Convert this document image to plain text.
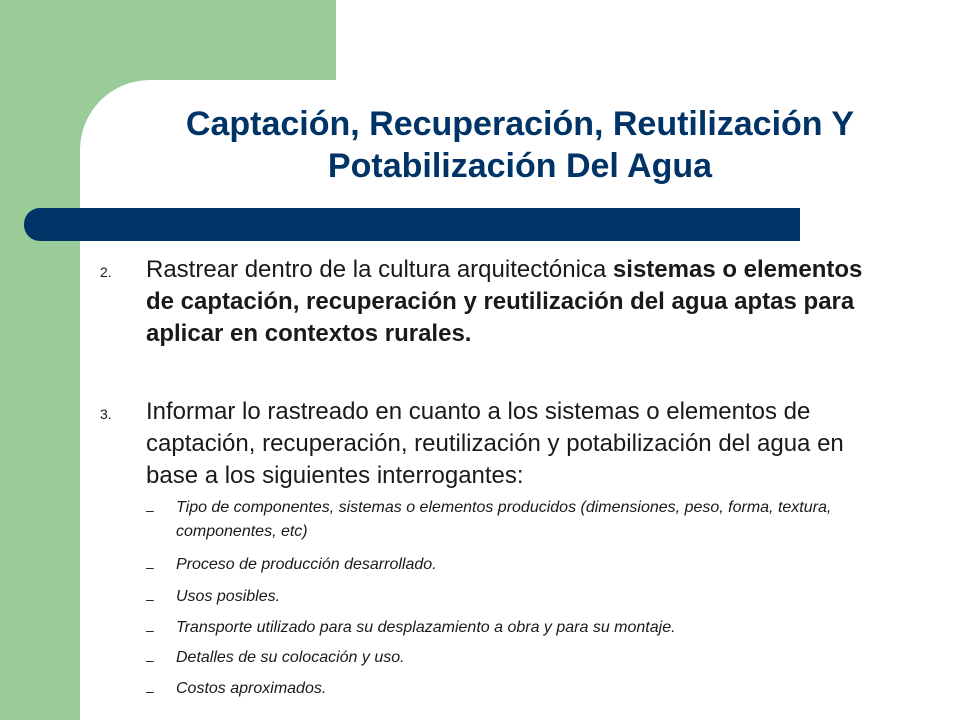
Captación, Recuperación, Reutilización Y Potabilización Del Agua
2. Rastrear dentro de la cultura arquitectónica sistemas o elementos de captación, recuperación y reutilización del agua aptas para aplicar en contextos rurales.
3. Informar lo rastreado en cuanto a los sistemas o elementos de captación, recuperación, reutilización y potabilización del agua en base a los siguientes interrogantes:
– Tipo de componentes, sistemas o elementos producidos (dimensiones, peso, forma, textura, componentes, etc)
– Proceso de producción desarrollado.
– Usos posibles.
– Transporte utilizado para su desplazamiento a obra y para su montaje.
– Detalles de su colocación y uso.
– Costos aproximados.
